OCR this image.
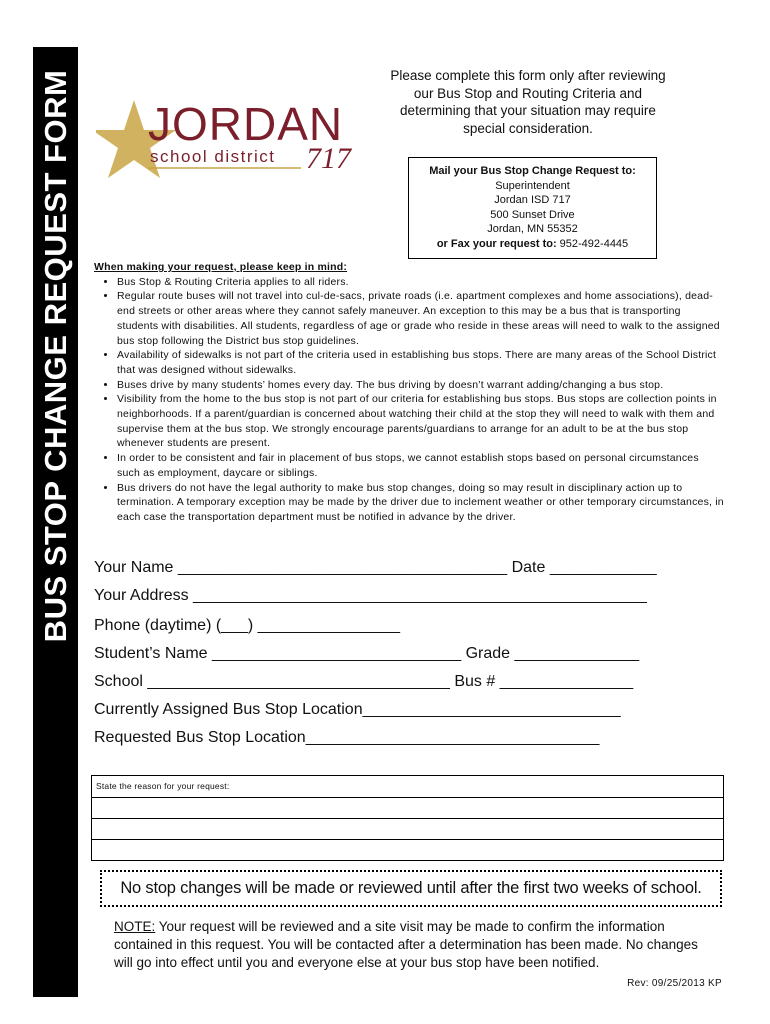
BUS STOP CHANGE REQUEST FORM JORDAN
school district 717
Please complete this form only after reviewing our Bus Stop and Routing Criteria and determining that your situation may require special consideration.
Mail your Bus Stop Change Request to:
Superintendent
Jordan ISD 717
500 Sunset Drive
Jordan, MN 55352
or Fax your request to: 952-492-4445
When making your request, please keep in mind:
• Bus Stop & Routing Criteria applies to all riders.
• Regular route buses will not travel into cul-de-sacs, private roads (i.e. apartment complexes and home associations), dead-end streets or other areas where they cannot safely maneuver. An exception to this may be a bus that is transporting students with disabilities. All students, regardless of age or grade who reside in these areas will need to walk to the assigned bus stop following the District bus stop guidelines.
• Availability of sidewalks is not part of the criteria used in establishing bus stops. There are many areas of the School District that was designed without sidewalks.
• Buses drive by many students’ homes every day. The bus driving by doesn’t warrant adding/changing a bus stop.
• Visibility from the home to the bus stop is not part of our criteria for establishing bus stops. Bus stops are collection points in neighborhoods. If a parent/guardian is concerned about watching their child at the stop they will need to walk with them and supervise them at the bus stop. We strongly encourage parents/guardians to arrange for an adult to be at the bus stop whenever students are present.
• In order to be consistent and fair in placement of bus stops, we cannot establish stops based on personal circumstances such as employment, daycare or siblings.
• Bus drivers do not have the legal authority to make bus stop changes, doing so may result in disciplinary action up to termination. A temporary exception may be made by the driver due to inclement weather or other temporary circumstances, in each case the transportation department must be notified in advance by the driver.
Your Name _____________________________________ Date ____________
Your Address ___________________________________________________
Phone (daytime) (___) ________________
Student’s Name ____________________________ Grade ______________
School __________________________________ Bus # _______________
Currently Assigned Bus Stop Location_____________________________
Requested Bus Stop Location_________________________________
State the reason for your request:
No stop changes will be made or reviewed until after the first two weeks of school.
NOTE: Your request will be reviewed and a site visit may be made to confirm the information contained in this request. You will be contacted after a determination has been made. No changes will go into effect until you and everyone else at your bus stop have been notified.
Rev: 09/25/2013 KP
